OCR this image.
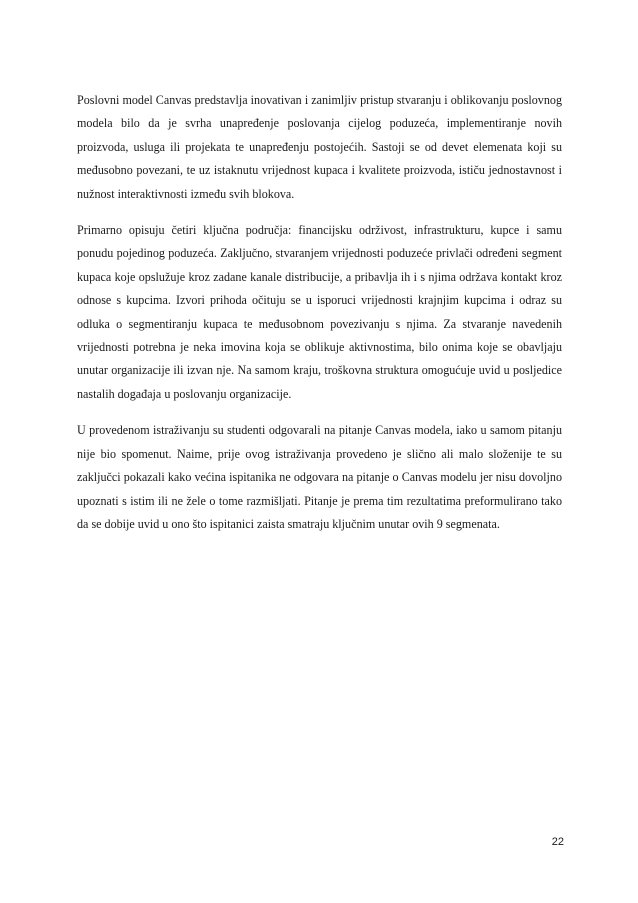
Poslovni model Canvas predstavlja inovativan i zanimljiv pristup stvaranju i oblikovanju poslovnog modela bilo da je svrha unapređenje poslovanja cijelog poduzeća, implementiranje novih proizvoda, usluga ili projekata te unapređenju postojećih. Sastoji se od devet elemenata koji su međusobno povezani, te uz istaknutu vrijednost kupaca i kvalitete proizvoda, ističu jednostavnost i nužnost interaktivnosti između svih blokova.

Primarno opisuju četiri ključna područja: financijsku održivost, infrastrukturu, kupce i samu ponudu pojedinog poduzeća. Zaključno, stvaranjem vrijednosti poduzeće privlači određeni segment kupaca koje opslužuje kroz zadane kanale distribucije, a pribavlja ih i s njima održava kontakt kroz odnose s kupcima. Izvori prihoda očituju se u isporuci vrijednosti krajnjim kupcima i odraz su odluka o segmentiranju kupaca te međusobnom povezivanju s njima. Za stvaranje navedenih vrijednosti potrebna je neka imovina koja se oblikuje aktivnostima, bilo onima koje se obavljaju unutar organizacije ili izvan nje. Na samom kraju, troškovna struktura omogućuje uvid u posljedice nastalih događaja u poslovanju organizacije.

U provedenom istraživanju su studenti odgovarali na pitanje Canvas modela, iako u samom pitanju nije bio spomenut. Naime, prije ovog istraživanja provedeno je slično ali malo složenije te su zaključci pokazali kako većina ispitanika ne odgovara na pitanje o Canvas modelu jer nisu dovoljno upoznati s istim ili ne žele o tome razmišljati. Pitanje je prema tim rezultatima preformulirano tako da se dobije uvid u ono što ispitanici zaista smatraju ključnim unutar ovih 9 segmenata.

22
